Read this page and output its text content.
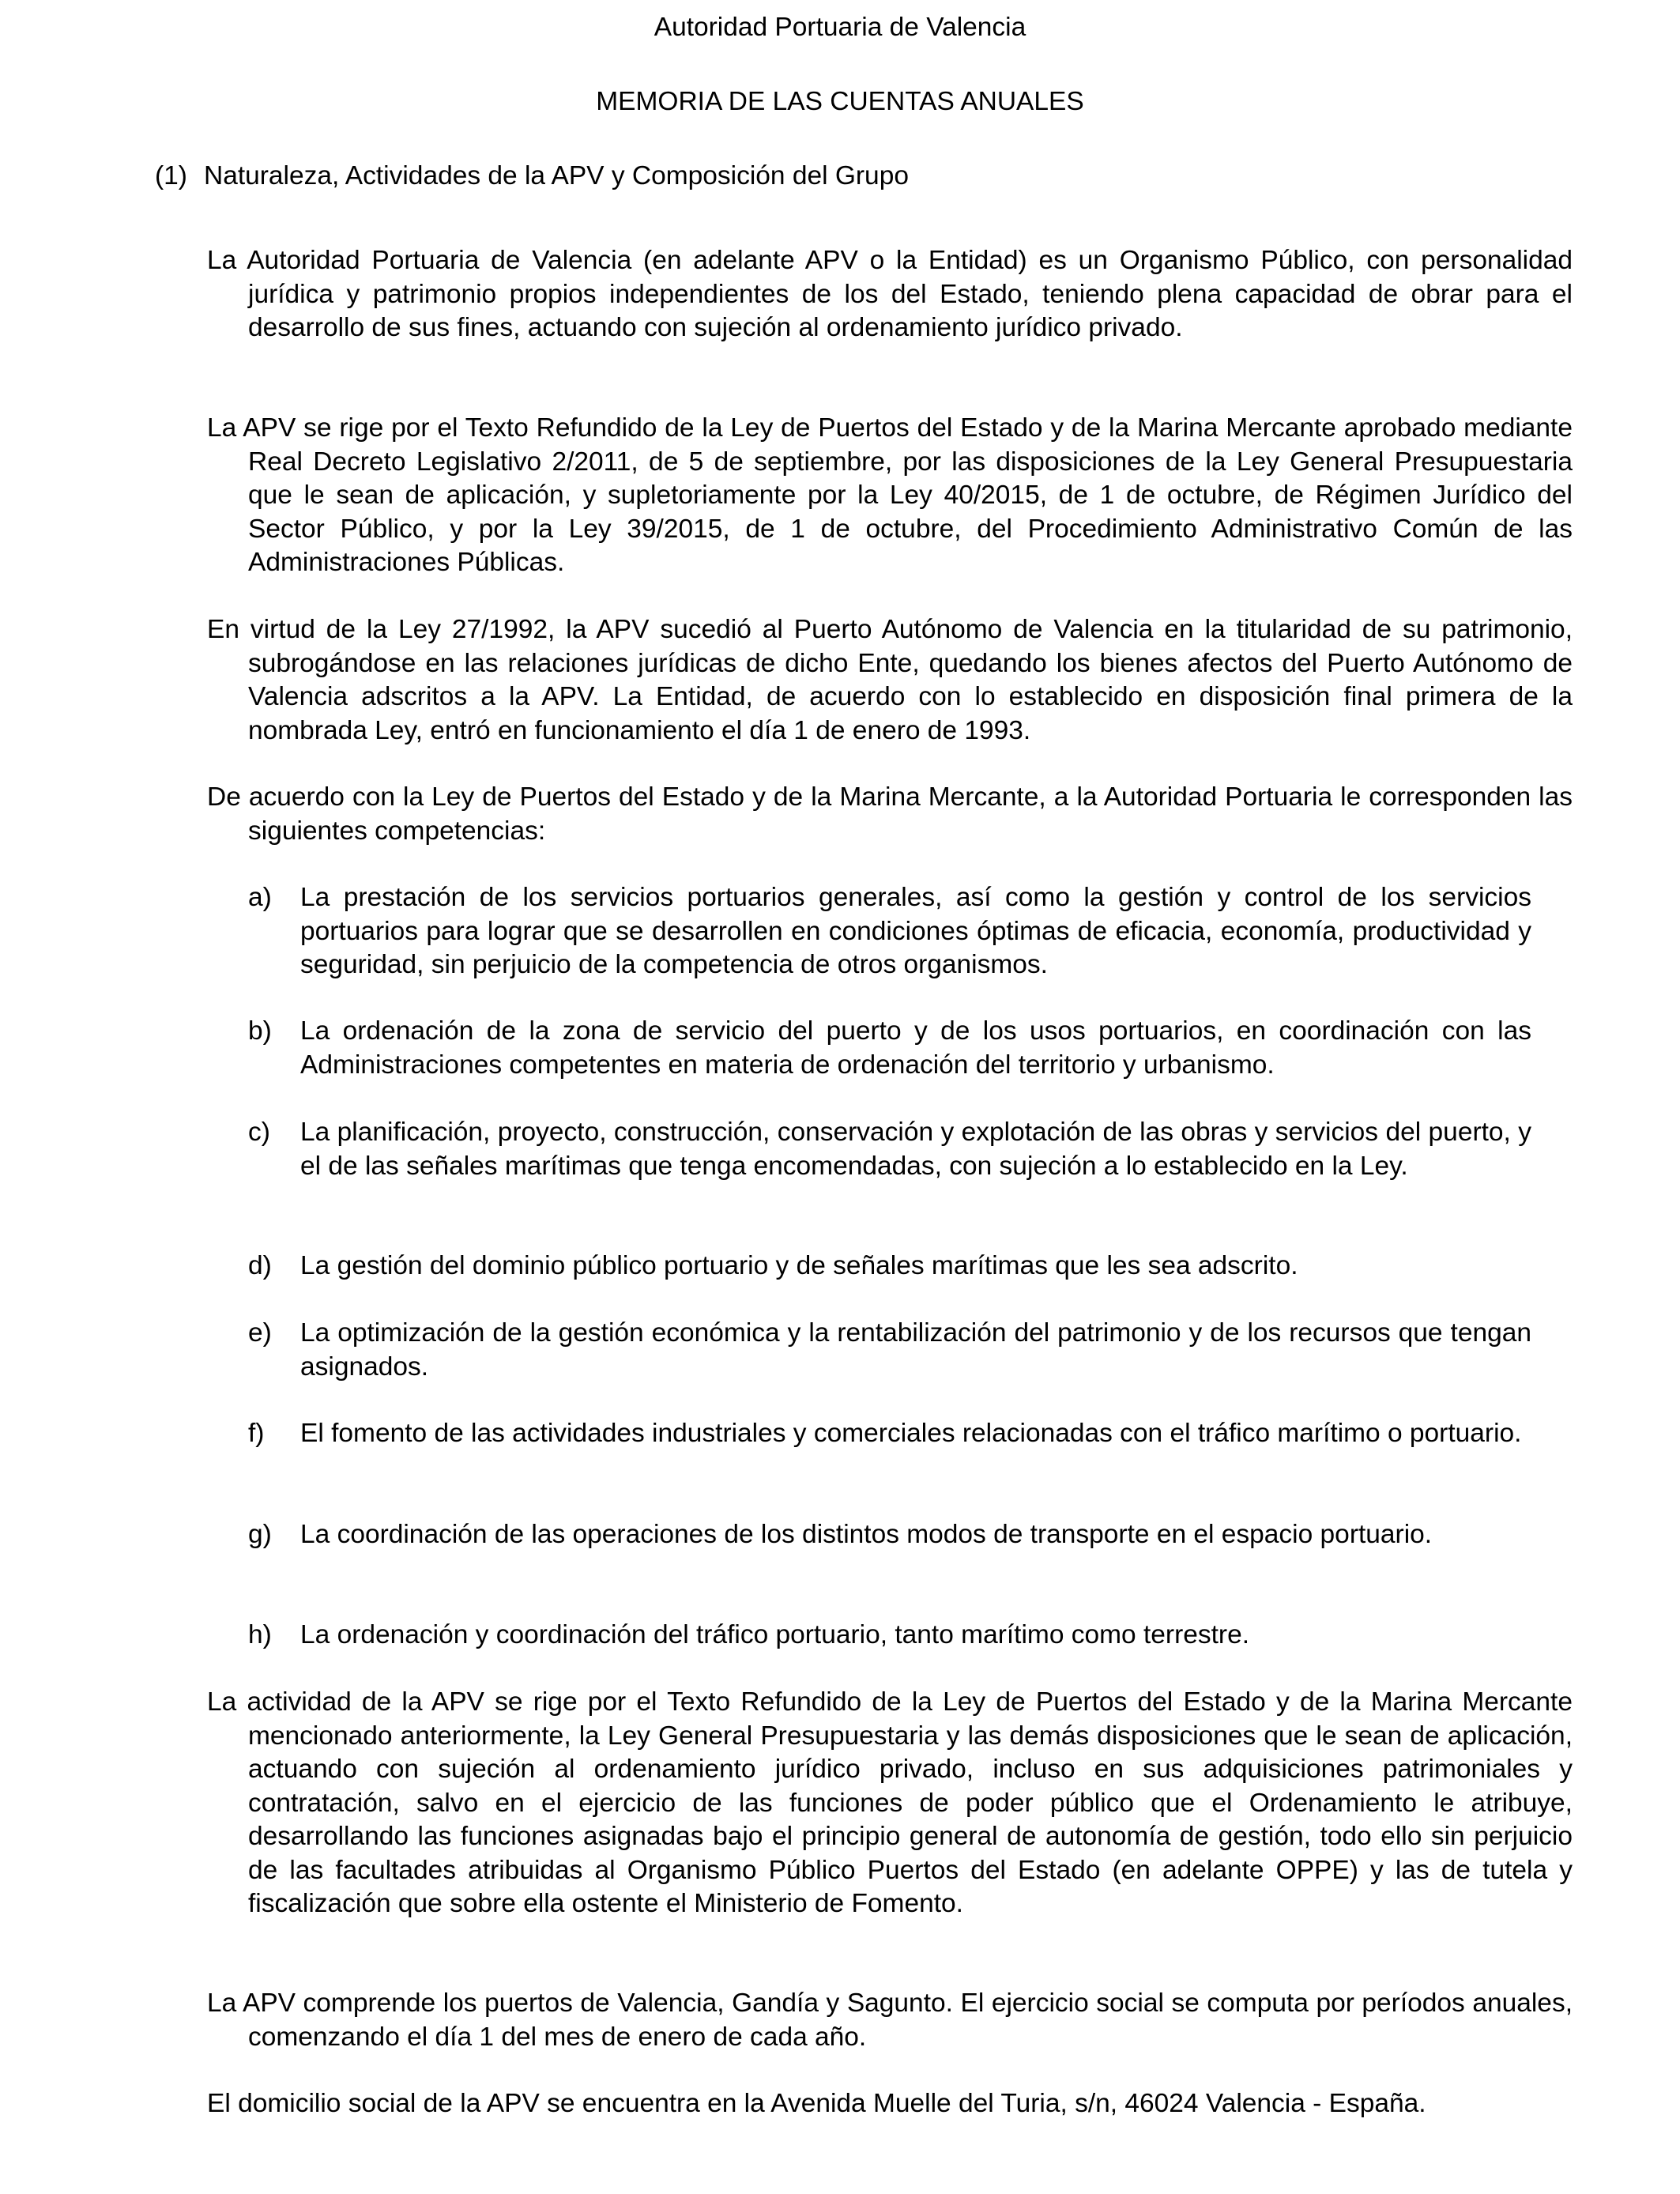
Autoridad Portuaria de Valencia
MEMORIA DE LAS CUENTAS ANUALES
(1) Naturaleza, Actividades de la APV y Composición del Grupo

La Autoridad Portuaria de Valencia (en adelante APV o la Entidad) es un Organismo Público, con personalidad jurídica y patrimonio propios independientes de los del Estado, teniendo plena capacidad de obrar para el desarrollo de sus fines, actuando con sujeción al ordenamiento jurídico privado.

La APV se rige por el Texto Refundido de la Ley de Puertos del Estado y de la Marina Mercante aprobado mediante Real Decreto Legislativo 2/2011, de 5 de septiembre, por las disposiciones de la Ley General Presupuestaria que le sean de aplicación, y supletoriamente por la Ley 40/2015, de 1 de octubre, de Régimen Jurídico del Sector Público, y por la Ley 39/2015, de 1 de octubre, del Procedimiento Administrativo Común de las Administraciones Públicas.

En virtud de la Ley 27/1992, la APV sucedió al Puerto Autónomo de Valencia en la titularidad de su patrimonio, subrogándose en las relaciones jurídicas de dicho Ente, quedando los bienes afectos del Puerto Autónomo de Valencia adscritos a la APV. La Entidad, de acuerdo con lo establecido en disposición final primera de la nombrada Ley, entró en funcionamiento el día 1 de enero de 1993.

De acuerdo con la Ley de Puertos del Estado y de la Marina Mercante, a la Autoridad Portuaria le corresponden las siguientes competencias:

a)	La prestación de los servicios portuarios generales, así como la gestión y control de los servicios portuarios para lograr que se desarrollen en condiciones óptimas de eficacia, economía, productividad y seguridad, sin perjuicio de la competencia de otros organismos.
b)	La ordenación de la zona de servicio del puerto y de los usos portuarios, en coordinación con las Administraciones competentes en materia de ordenación del territorio y urbanismo.
c)	La planificación, proyecto, construcción, conservación y explotación de las obras y servicios del puerto, y el de las señales marítimas que tenga encomendadas, con sujeción a lo establecido en la Ley.
d)	La gestión del dominio público portuario y de señales marítimas que les sea adscrito.
e)	La optimización de la gestión económica y la rentabilización del patrimonio y de los recursos que tengan asignados.
f)	El fomento de las actividades industriales y comerciales relacionadas con el tráfico marítimo o portuario.
g)	La coordinación de las operaciones de los distintos modos de transporte en el espacio portuario.
h)	La ordenación y coordinación del tráfico portuario, tanto marítimo como terrestre.

La actividad de la APV se rige por el Texto Refundido de la Ley de Puertos del Estado y de la Marina Mercante mencionado anteriormente, la Ley General Presupuestaria y las demás disposiciones que le sean de aplicación, actuando con sujeción al ordenamiento jurídico privado, incluso en sus adquisiciones patrimoniales y contratación, salvo en el ejercicio de las funciones de poder público que el Ordenamiento le atribuye, desarrollando las funciones asignadas bajo el principio general de autonomía de gestión, todo ello sin perjuicio de las facultades atribuidas al Organismo Público Puertos del Estado (en adelante OPPE) y las de tutela y fiscalización que sobre ella ostente el Ministerio de Fomento.

La APV comprende los puertos de Valencia, Gandía y Sagunto. El ejercicio social se computa por períodos anuales, comenzando el día 1 del mes de enero de cada año.

El domicilio social de la APV se encuentra en la Avenida Muelle del Turia, s/n, 46024 Valencia - España.
